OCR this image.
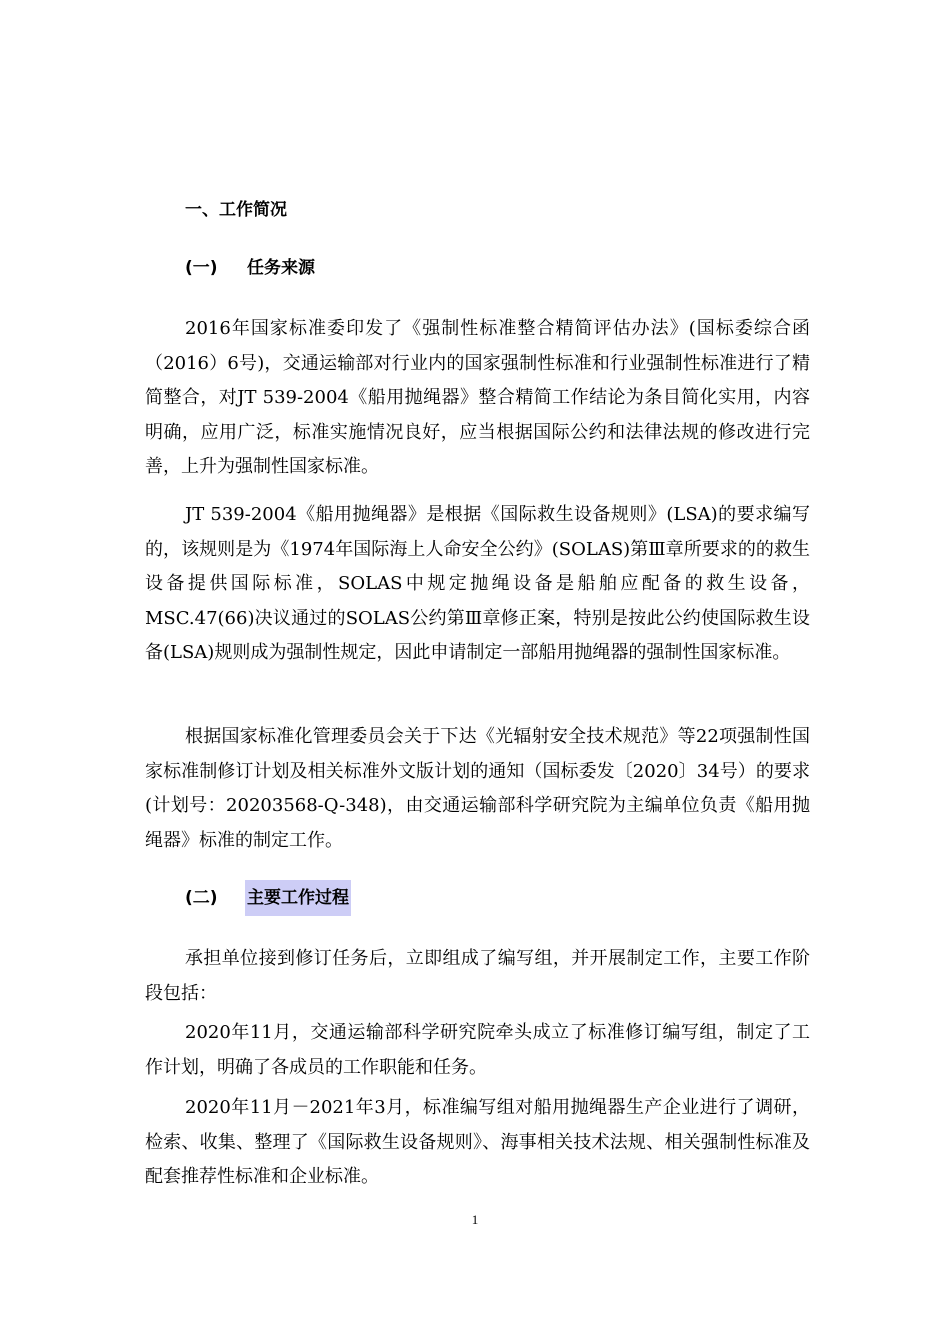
一、工作简况
(一) 任务来源

2016年国家标准委印发了《强制性标准整合精简评估办法》(国标委综合函（2016）6号)，交通运输部对行业内的国家强制性标准和行业强制性标准进行了精简整合，对JT 539-2004《船用抛绳器》整合精简工作结论为条目简化实用，内容明确，应用广泛，标准实施情况良好，应当根据国际公约和法律法规的修改进行完善，上升为强制性国家标准。

JT 539-2004《船用抛绳器》是根据《国际救生设备规则》(LSA)的要求编写的，该规则是为《1974年国际海上人命安全公约》(SOLAS)第Ⅲ章所要求的的救生设备提供国际标准，SOLAS中规定抛绳设备是船舶应配备的救生设备，MSC.47(66)决议通过的SOLAS公约第Ⅲ章修正案，特别是按此公约使国际救生设备(LSA)规则成为强制性规定，因此申请制定一部船用抛绳器的强制性国家标准。

根据国家标准化管理委员会关于下达《光辐射安全技术规范》等22项强制性国家标准制修订计划及相关标准外文版计划的通知（国标委发〔2020〕34号）的要求(计划号：20203568-Q-348)，由交通运输部科学研究院为主编单位负责《船用抛绳器》标准的制定工作。

(二) 主要工作过程

承担单位接到修订任务后，立即组成了编写组，并开展制定工作，主要工作阶段包括：

2020年11月，交通运输部科学研究院牵头成立了标准修订编写组，制定了工作计划，明确了各成员的工作职能和任务。

2020年11月－2021年3月，标准编写组对船用抛绳器生产企业进行了调研，检索、收集、整理了《国际救生设备规则》、海事相关技术法规、相关强制性标准及配套推荐性标准和企业标准。

1
